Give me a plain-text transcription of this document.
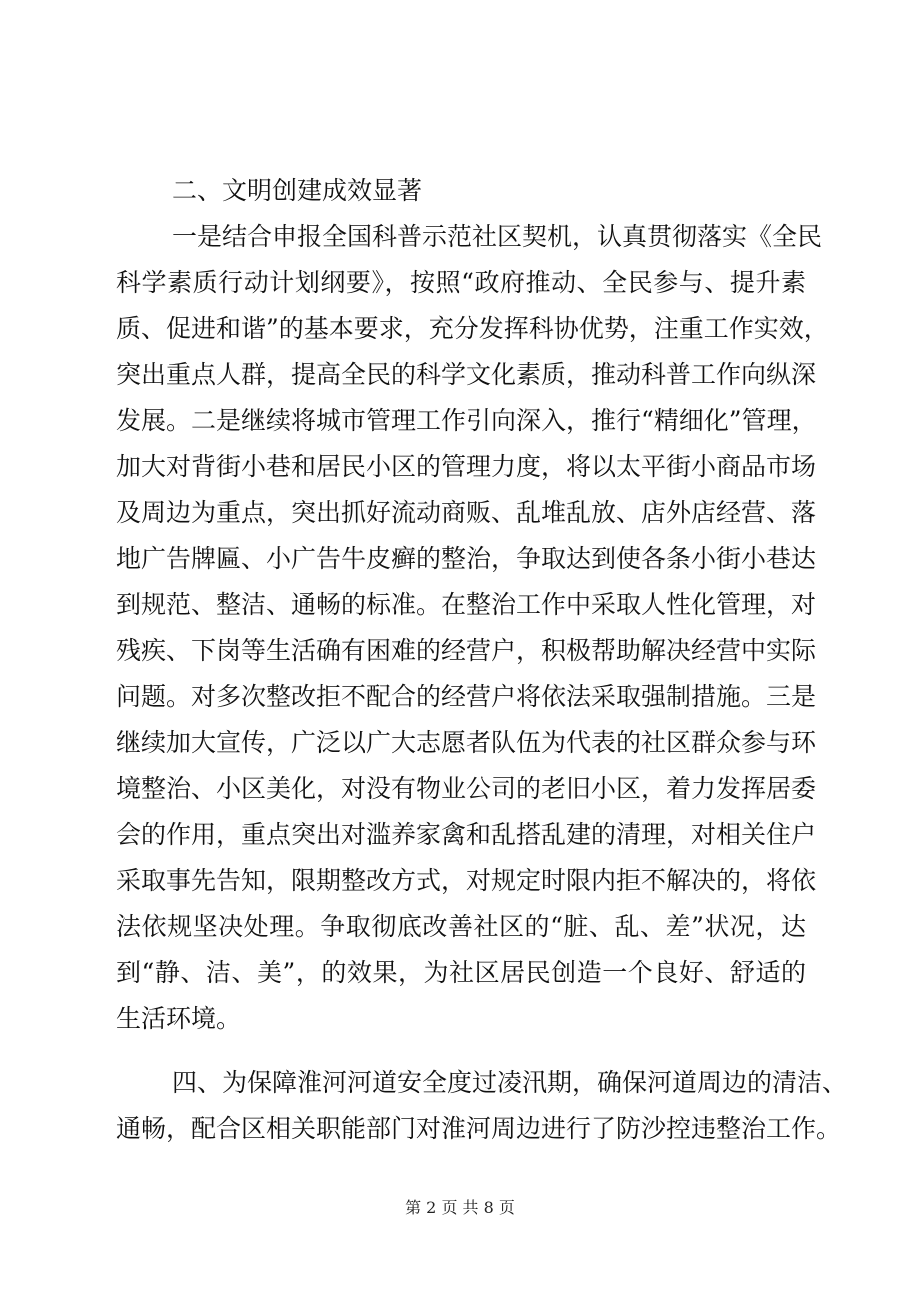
二、文明创建成效显著
一是结合申报全国科普示范社区契机，认真贯彻落实《全民
科学素质行动计划纲要》，按照“政府推动、全民参与、提升素
质、促进和谐”的基本要求，充分发挥科协优势，注重工作实效，
突出重点人群，提高全民的科学文化素质，推动科普工作向纵深
发展。二是继续将城市管理工作引向深入，推行“精细化”管理，
加大对背街小巷和居民小区的管理力度，将以太平街小商品市场
及周边为重点，突出抓好流动商贩、乱堆乱放、店外店经营、落
地广告牌匾、小广告牛皮癣的整治，争取达到使各条小街小巷达
到规范、整洁、通畅的标准。在整治工作中采取人性化管理，对
残疾、下岗等生活确有困难的经营户，积极帮助解决经营中实际
问题。对多次整改拒不配合的经营户将依法采取强制措施。三是
继续加大宣传，广泛以广大志愿者队伍为代表的社区群众参与环
境整治、小区美化，对没有物业公司的老旧小区，着力发挥居委
会的作用，重点突出对滥养家禽和乱搭乱建的清理，对相关住户
采取事先告知，限期整改方式，对规定时限内拒不解决的，将依
法依规坚决处理。争取彻底改善社区的“脏、乱、差”状况，达
到“静、洁、美”，的效果，为社区居民创造一个良好、舒适的
生活环境。
四、为保障淮河河道安全度过凌汛期，确保河道周边的清洁、
通畅，配合区相关职能部门对淮河周边进行了防沙控违整治工作。
第 2 页 共 8 页
